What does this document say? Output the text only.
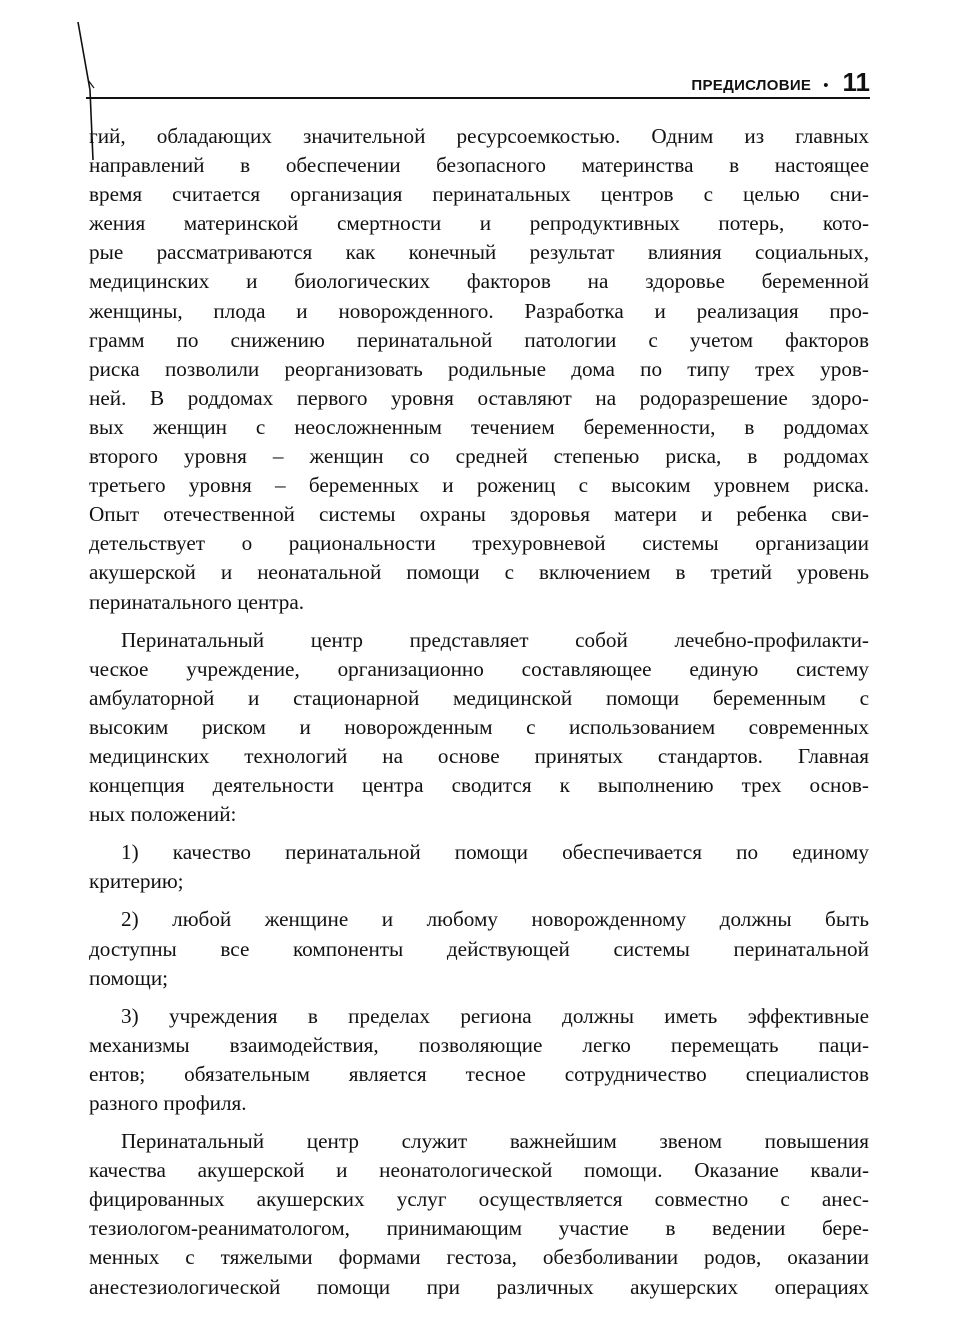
ПРЕДИСЛОВИЕ • 11

гий, обладающих значительной ресурсоемкостью. Одним из главных
направлений в обеспечении безопасного материнства в настоящее
время считается организация перинатальных центров с целью сни-
жения материнской смертности и репродуктивных потерь, кото-
рые рассматриваются как конечный результат влияния социальных,
медицинских и биологических факторов на здоровье беременной
женщины, плода и новорожденного. Разработка и реализация про-
грамм по снижению перинатальной патологии с учетом факторов
риска позволили реорганизовать родильные дома по типу трех уров-
ней. В роддомах первого уровня оставляют на родоразрешение здоро-
вых женщин с неосложненным течением беременности, в роддомах
второго уровня – женщин со средней степенью риска, в роддомах
третьего уровня – беременных и рожениц с высоким уровнем риска.
Опыт отечественной системы охраны здоровья матери и ребенка сви-
детельствует о рациональности трехуровневой системы организации
акушерской и неонатальной помощи с включением в третий уровень
перинатального центра.

Перинатальный центр представляет собой лечебно-профилакти-
ческое учреждение, организационно составляющее единую систему
амбулаторной и стационарной медицинской помощи беременным с
высоким риском и новорожденным с использованием современных
медицинских технологий на основе принятых стандартов. Главная
концепция деятельности центра сводится к выполнению трех основ-
ных положений:

1) качество перинатальной помощи обеспечивается по единому
критерию;

2) любой женщине и любому новорожденному должны быть
доступны все компоненты действующей системы перинатальной
помощи;

3) учреждения в пределах региона должны иметь эффективные
механизмы взаимодействия, позволяющие легко перемещать паци-
ентов; обязательным является тесное сотрудничество специалистов
разного профиля.

Перинатальный центр служит важнейшим звеном повышения
качества акушерской и неонатологической помощи. Оказание квали-
фицированных акушерских услуг осуществляется совместно с анес-
тезиологом-реаниматологом, принимающим участие в ведении бере-
менных с тяжелыми формами гестоза, обезболивании родов, оказании
анестезиологической помощи при различных акушерских операциях
